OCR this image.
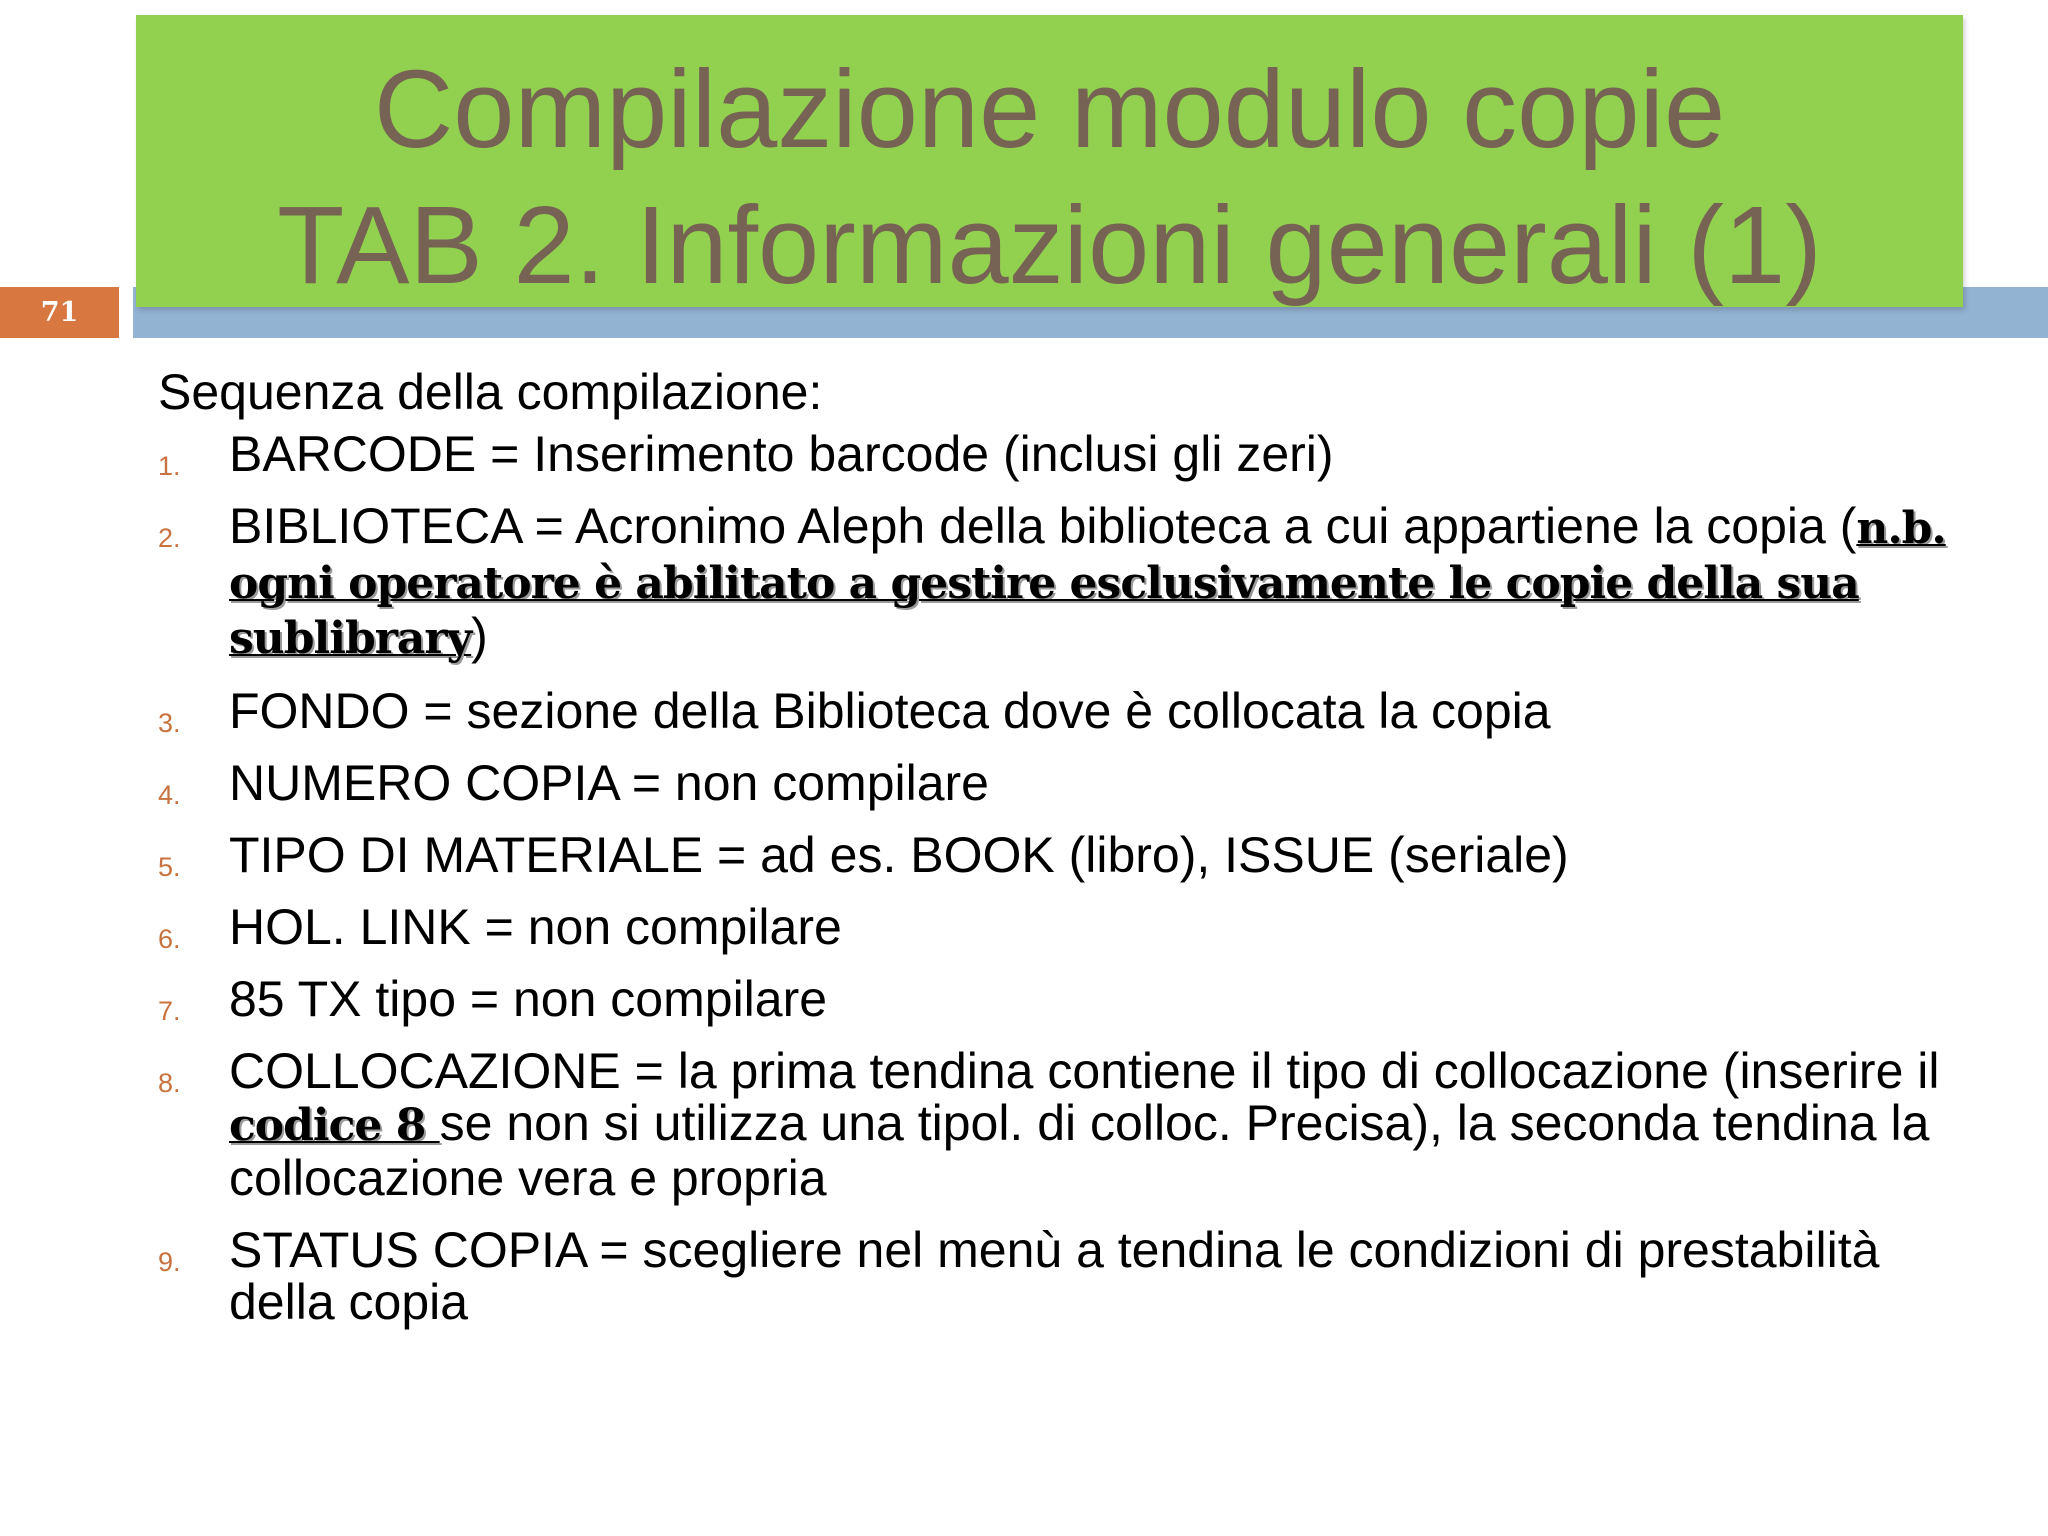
71
Compilazione modulo copie
TAB 2. Informazioni generali (1)
Sequenza della compilazione:
1. BARCODE = Inserimento barcode (inclusi gli zeri)
2. BIBLIOTECA = Acronimo Aleph della biblioteca a cui appartiene la copia (n.b. ogni operatore è abilitato a gestire esclusivamente le copie della sua sublibrary)
3. FONDO = sezione della Biblioteca dove è collocata la copia
4. NUMERO COPIA = non compilare
5. TIPO DI MATERIALE = ad es. BOOK (libro), ISSUE (seriale)
6. HOL. LINK = non compilare
7. 85 TX tipo = non compilare
8. COLLOCAZIONE = la prima tendina contiene il tipo di collocazione (inserire il codice 8 se non si utilizza una tipol. di colloc. Precisa), la seconda tendina la collocazione vera e propria
9. STATUS COPIA = scegliere nel menù a tendina le condizioni di prestabilità della copia
